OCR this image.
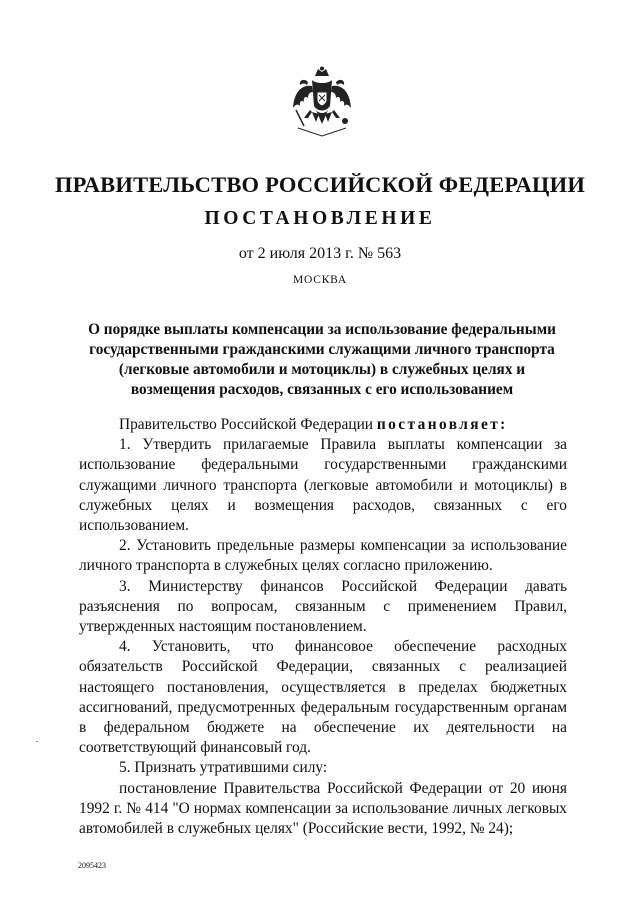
ПРАВИТЕЛЬСТВО РОССИЙСКОЙ ФЕДЕРАЦИИ
ПОСТАНОВЛЕНИЕ

от 2 июля 2013 г. № 563

МОСКВА

О порядке выплаты компенсации за использование федеральными государственными гражданскими служащими личного транспорта (легковые автомобили и мотоциклы) в служебных целях и возмещения расходов, связанных с его использованием

Правительство Российской Федерации постановляет:

1. Утвердить прилагаемые Правила выплаты компенсации за использование федеральными государственными гражданскими служащими личного транспорта (легковые автомобили и мотоциклы) в служебных целях и возмещения расходов, связанных с его использованием.

2. Установить предельные размеры компенсации за использование личного транспорта в служебных целях согласно приложению.

3. Министерству финансов Российской Федерации давать разъяснения по вопросам, связанным с применением Правил, утвержденных настоящим постановлением.

4. Установить, что финансовое обеспечение расходных обязательств Российской Федерации, связанных с реализацией настоящего постановления, осуществляется в пределах бюджетных ассигнований, предусмотренных федеральным государственным органам в федеральном бюджете на обеспечение их деятельности на соответствующий финансовый год.

5. Признать утратившими силу:

постановление Правительства Российской Федерации от 20 июня 1992 г. № 414 "О нормах компенсации за использование личных легковых автомобилей в служебных целях" (Российские вести, 1992, № 24);

2095423
